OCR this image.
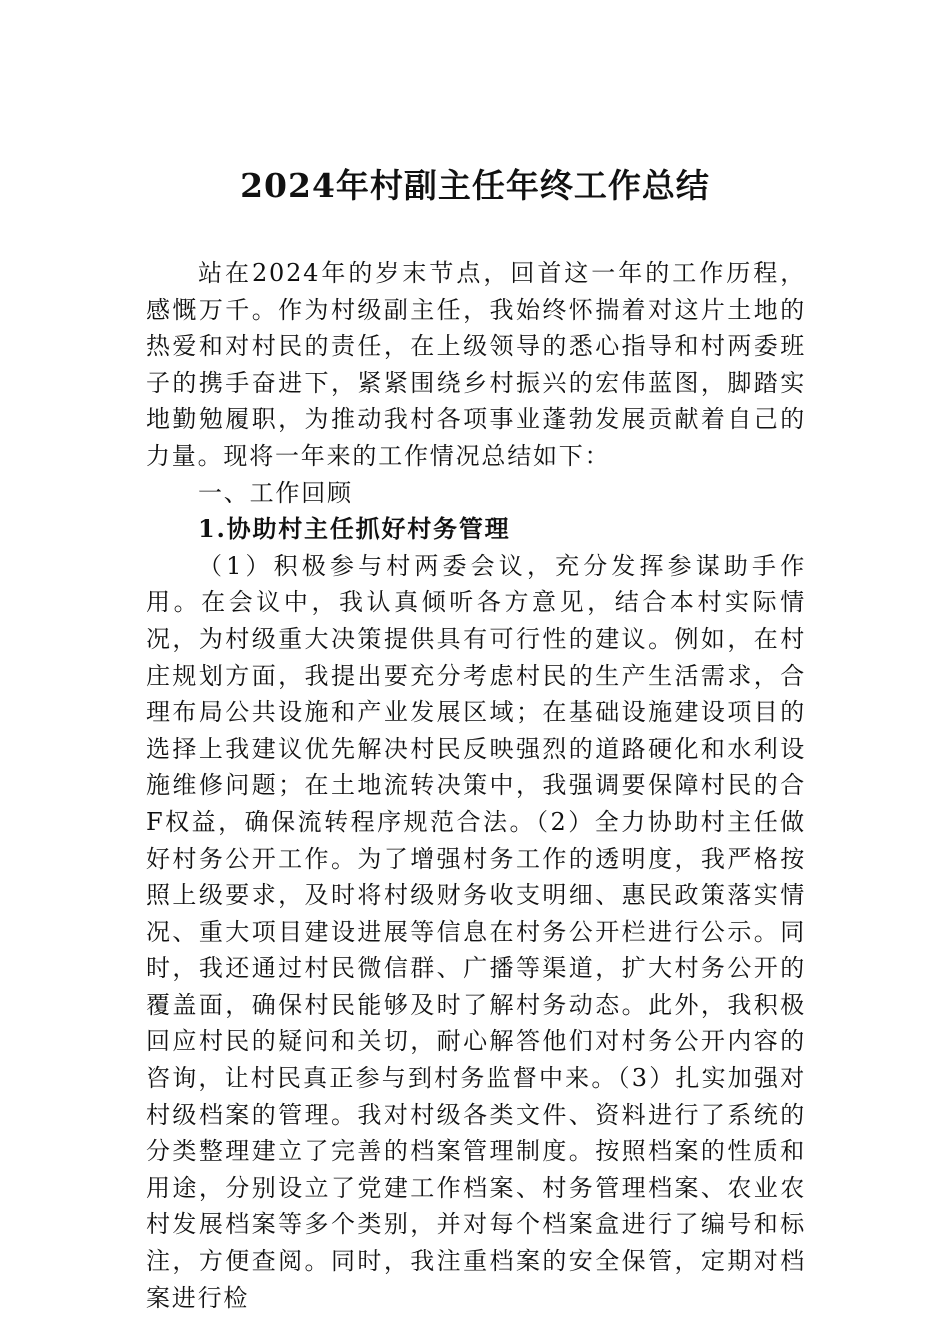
2024年村副主任年终工作总结

站在2024年的岁末节点，回首这一年的工作历程，感慨万千。作为村级副主任，我始终怀揣着对这片土地的热爱和对村民的责任，在上级领导的悉心指导和村两委班子的携手奋进下，紧紧围绕乡村振兴的宏伟蓝图，脚踏实地勤勉履职，为推动我村各项事业蓬勃发展贡献着自己的力量。现将一年来的工作情况总结如下：

一、工作回顾

1.协助村主任抓好村务管理

（1）积极参与村两委会议，充分发挥参谋助手作用。在会议中，我认真倾听各方意见，结合本村实际情况，为村级重大决策提供具有可行性的建议。例如，在村庄规划方面，我提出要充分考虑村民的生产生活需求，合理布局公共设施和产业发展区域；在基础设施建设项目的选择上我建议优先解决村民反映强烈的道路硬化和水利设施维修问题；在土地流转决策中，我强调要保障村民的合F权益，确保流转程序规范合法。（2）全力协助村主任做好村务公开工作。为了增强村务工作的透明度，我严格按照上级要求，及时将村级财务收支明细、惠民政策落实情况、重大项目建设进展等信息在村务公开栏进行公示。同时，我还通过村民微信群、广播等渠道，扩大村务公开的覆盖面，确保村民能够及时了解村务动态。此外，我积极回应村民的疑问和关切，耐心解答他们对村务公开内容的咨询，让村民真正参与到村务监督中来。（3）扎实加强对村级档案的管理。我对村级各类文件、资料进行了系统的分类整理建立了完善的档案管理制度。按照档案的性质和用途，分别设立了党建工作档案、村务管理档案、农业农村发展档案等多个类别，并对每个档案盒进行了编号和标注，方便查阅。同时，我注重档案的安全保管，定期对档案进行检
